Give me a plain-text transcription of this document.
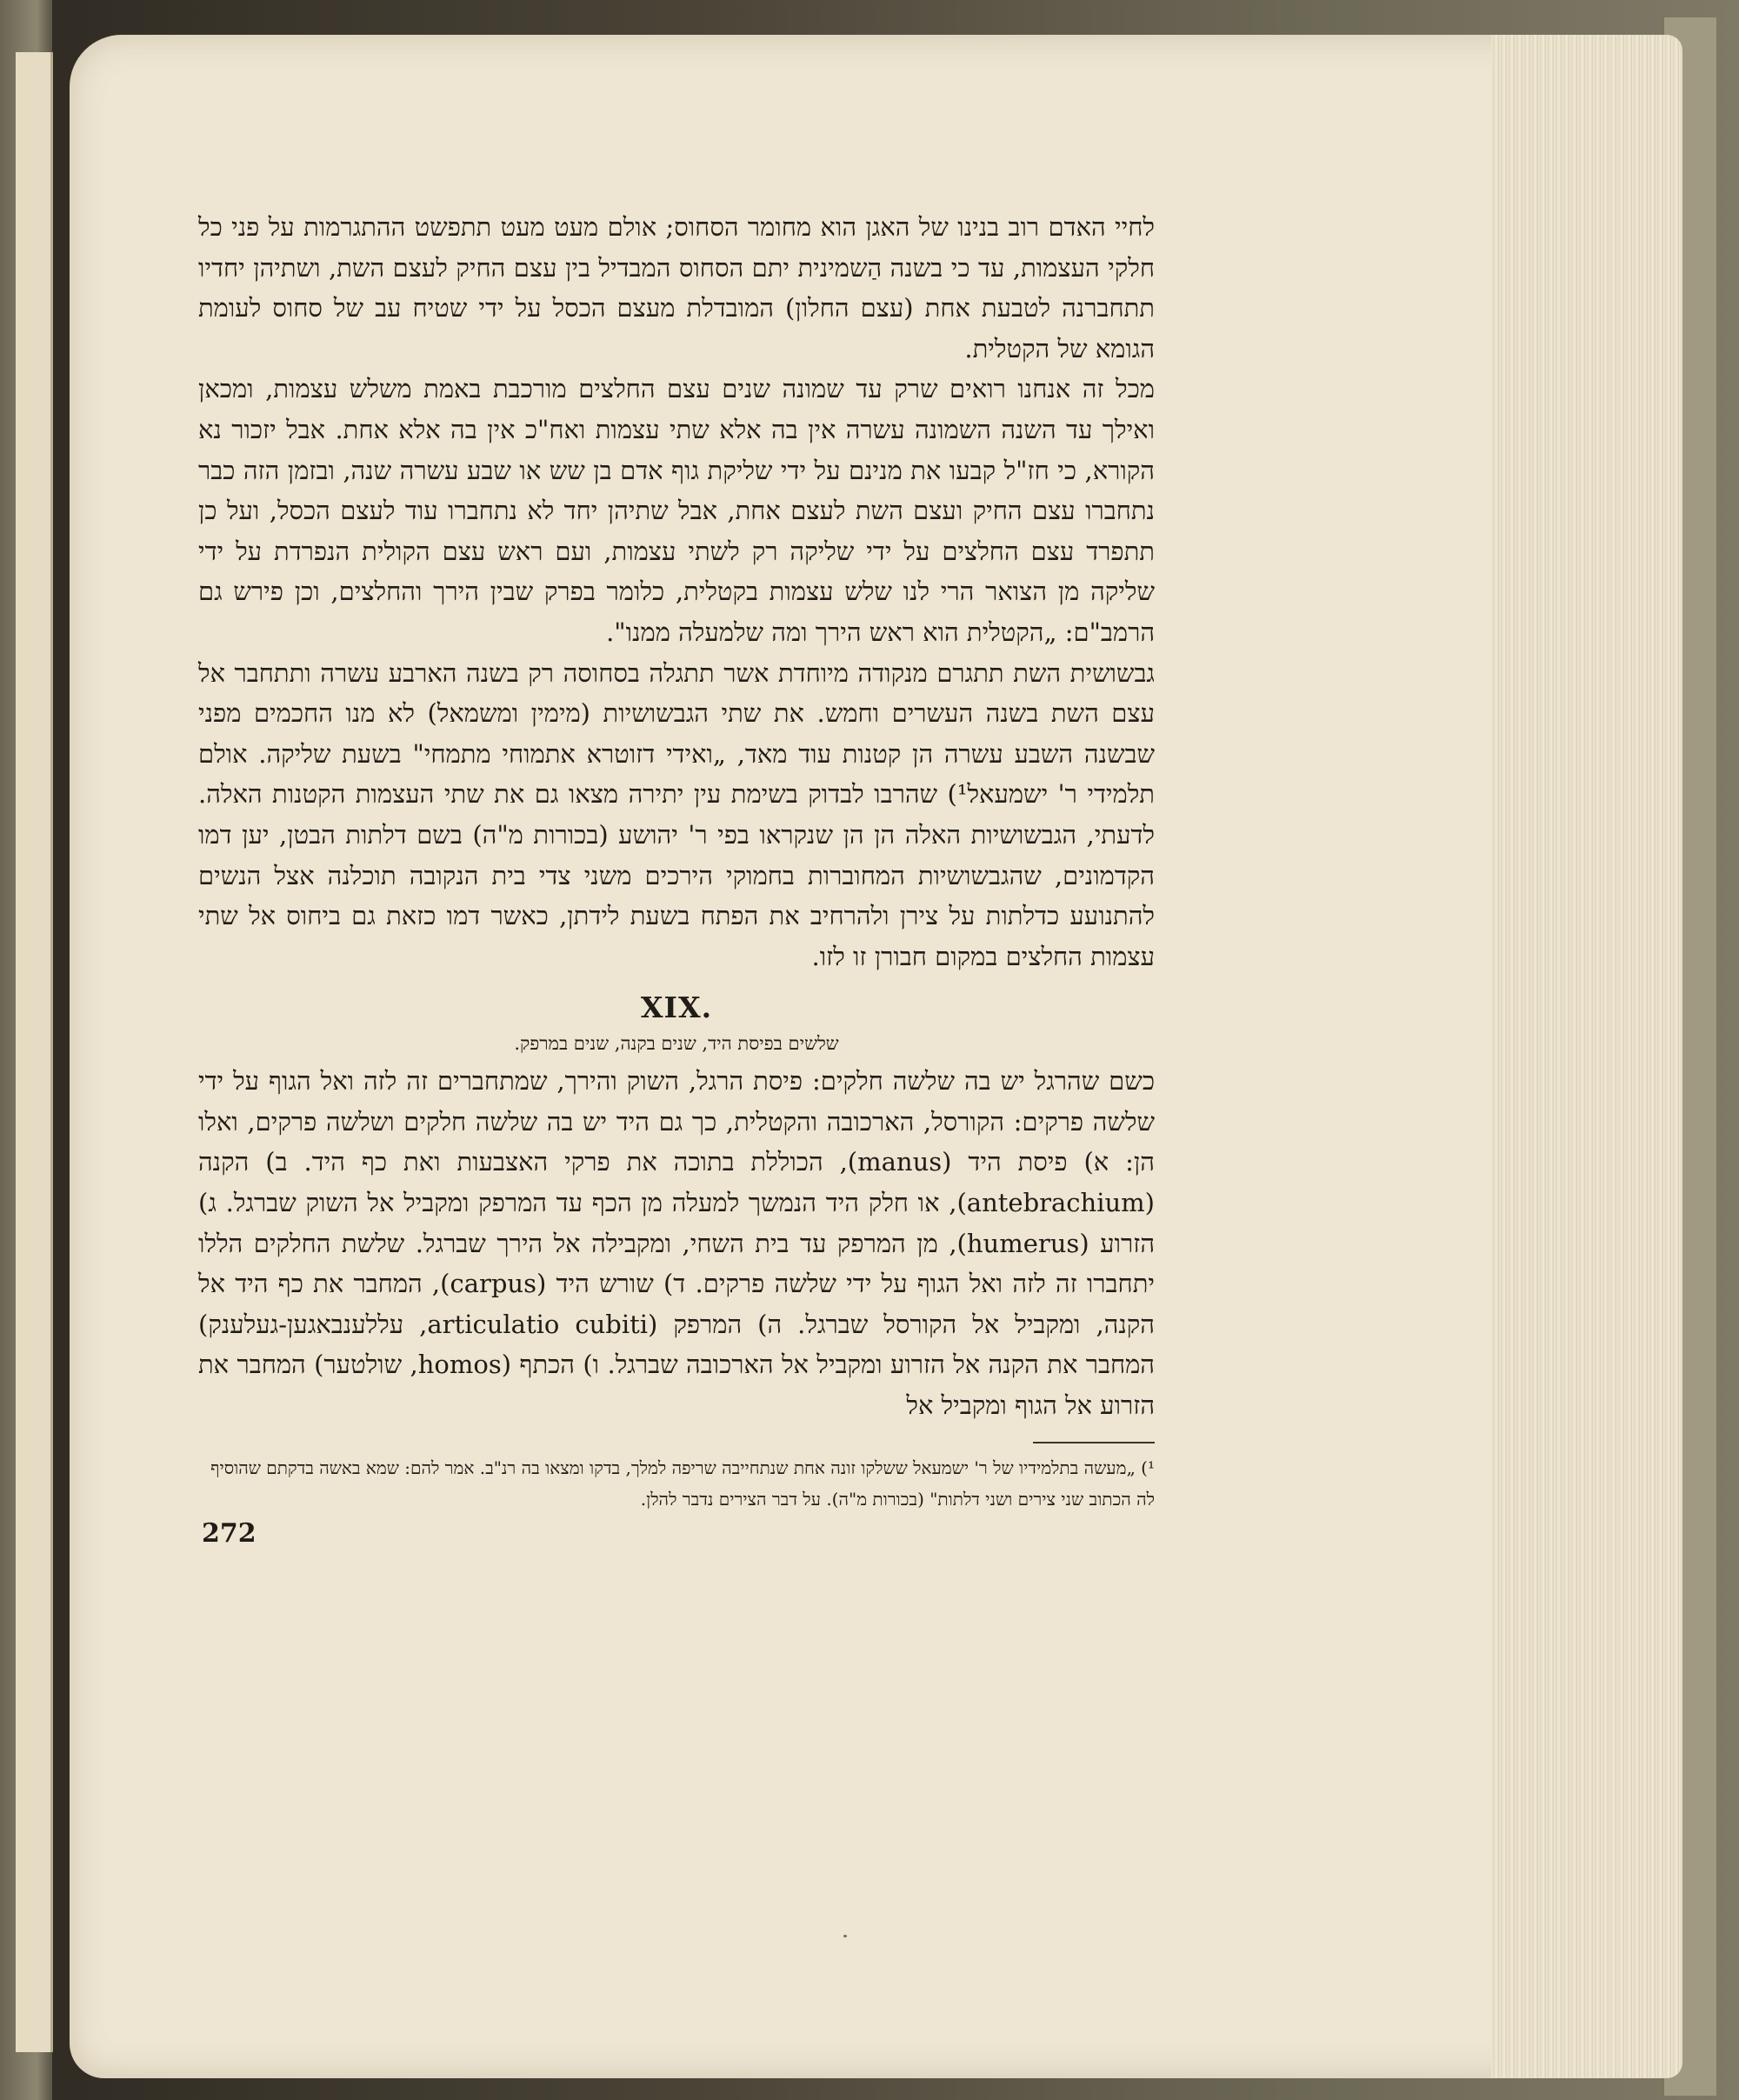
לחיי האדם רוב בנינו של האגן הוא מחומר הסחוס; אולם מעט מעט תתפשט ההתגרמות על פני כל חלקי העצמות, עד כי בשנה הַשמינית יתם הסחוס המבדיל בין עצם החיק לעצם השת, ושתיהן יחדיו תתחברנה לטבעת אחת (עצם החלון) המובדלת מעצם הכסל על ידי שטיח עב של סחוס לעומת הגומא של הקטלית.

מכל זה אנחנו רואים שרק עד שמונה שנים עצם החלצים מורכבת באמת משלש עצמות, ומכאן ואילך עד השנה השמונה עשרה אין בה אלא שתי עצמות ואח"כ אין בה אלא אחת. אבל יזכור נא הקורא, כי חז"ל קבעו את מנינם על ידי שליקת גוף אדם בן שש או שבע עשרה שנה, ובזמן הזה כבר נתחברו עצם החיק ועצם השת לעצם אחת, אבל שתיהן יחד לא נתחברו עוד לעצם הכסל, ועל כן תתפרד עצם החלצים על ידי שליקה רק לשתי עצמות, ועם ראש עצם הקולית הנפרדת על ידי שליקה מן הצואר הרי לנו שלש עצמות בקטלית, כלומר בפרק שבין הירך והחלצים, וכן פירש גם הרמב"ם: „הקטלית הוא ראש הירך ומה שלמעלה ממנו".

גבשושית השת תתגרם מנקודה מיוחדת אשר תתגלה בסחוסה רק בשנה הארבע עשרה ותתחבר אל עצם השת בשנה העשרים וחמש. את שתי הגבשושיות (מימין ומשמאל) לא מנו החכמים מפני שבשנה השבע עשרה הן קטנות עוד מאד, „ואידי דזוטרא אתמוחי מתמחי" בשעת שליקה. אולם תלמידי ר' ישמעאל¹) שהרבו לבדוק בשימת עין יתירה מצאו גם את שתי העצמות הקטנות האלה. לדעתי, הגבשושיות האלה הן הן שנקראו בפי ר' יהושע (בכורות מ"ה) בשם דלתות הבטן, יען דמו הקדמונים, שהגבשושיות המחוברות בחמוקי הירכים משני צדי בית הנקובה תוכלנה אצל הנשים להתנועע כדלתות על צירן ולהרחיב את הפתח בשעת לידתן, כאשר דמו כזאת גם ביחוס אל שתי עצמות החלצים במקום חבורן זו לזו.

XIX.
שלשים בפיסת היד, שנים בקנה, שנים במרפק.

כשם שהרגל יש בה שלשה חלקים: פיסת הרגל, השוק והירך, שמתחברים זה לזה ואל הגוף על ידי שלשה פרקים: הקורסל, הארכובה והקטלית, כך גם היד יש בה שלשה חלקים ושלשה פרקים, ואלו הן: א) פיסת היד (manus), הכוללת בתוכה את פרקי האצבעות ואת כף היד. ב) הקנה (antebrachium), או חלק היד הנמשך למעלה מן הכף עד המרפק ומקביל אל השוק שברגל. ג) הזרוע (humerus), מן המרפק עד בית השחי, ומקבילה אל הירך שברגל. שלשת החלקים הללו יתחברו זה לזה ואל הגוף על ידי שלשה פרקים. ד) שורש היד (carpus), המחבר את כף היד אל הקנה, ומקביל אל הקורסל שברגל. ה) המרפק (articulatio cubiti, עללענבאגען-געלענק) המחבר את הקנה אל הזרוע ומקביל אל הארכובה שברגל. ו) הכתף (homos, שולטער) המחבר את הזרוע אל הגוף ומקביל אל

¹) „מעשה בתלמידיו של ר' ישמעאל ששלקו זונה אחת שנתחייבה שריפה למלך, בדקו ומצאו בה רנ"ב. אמר להם: שמא באשה בדקתם שהוסיף לה הכתוב שני צירים ושני דלתות" (בכורות מ"ה). על דבר הצירים נדבר להלן.

272
